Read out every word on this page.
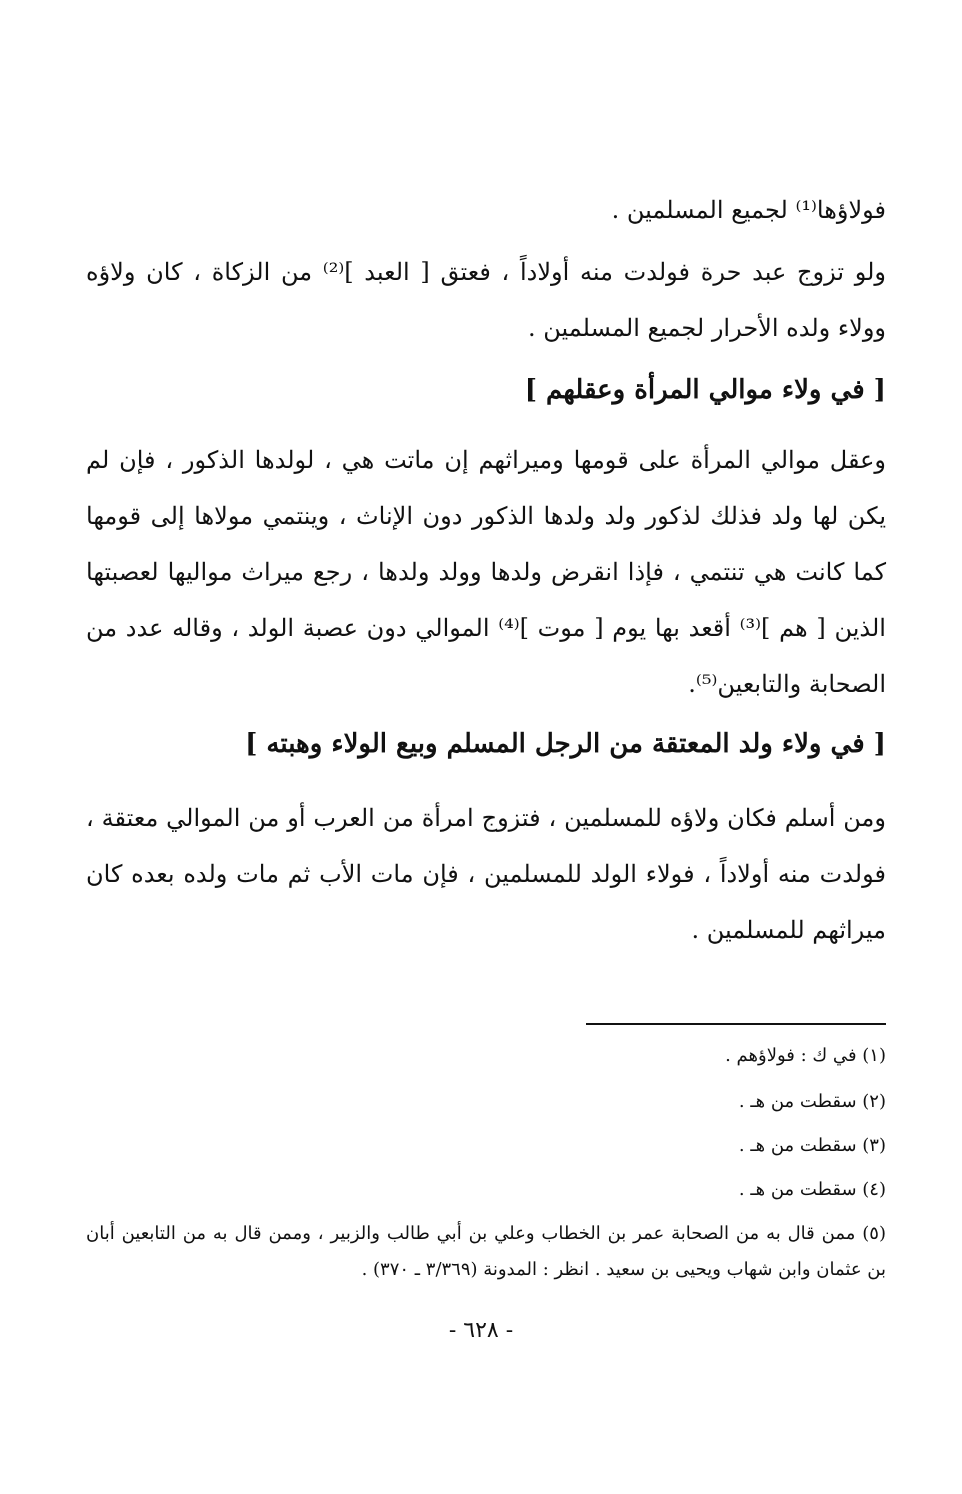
فولاؤها⁽¹⁾ لجميع المسلمين .

ولو تزوج عبد حرة فولدت منه أولاداً ، فعتق [ العبد ]⁽²⁾ من الزكاة ، كان ولاؤه وولاء ولده الأحرار لجميع المسلمين .

[ في ولاء موالي المرأة وعقلهم ]

وعقل موالي المرأة على قومها وميراثهم إن ماتت هي ، لولدها الذكور ، فإن لم يكن لها ولد فذلك لذكور ولد ولدها الذكور دون الإناث ، وينتمي مولاها إلى قومها كما كانت هي تنتمي ، فإذا انقرض ولدها وولد ولدها ، رجع ميراث مواليها لعصبتها الذين [ هم ]⁽³⁾ أقعد بها يوم [ موت ]⁽⁴⁾ الموالي دون عصبة الولد ، وقاله عدد من الصحابة والتابعين⁽⁵⁾.

[ في ولاء ولد المعتقة من الرجل المسلم وبيع الولاء وهبته ]

ومن أسلم فكان ولاؤه للمسلمين ، فتزوج امرأة من العرب أو من الموالي معتقة ، فولدت منه أولاداً ، فولاء الولد للمسلمين ، فإن مات الأب ثم مات ولده بعده كان ميراثهم للمسلمين .

(١) في ك : فولاؤهم .

(٢) سقطت من هـ .

(٣) سقطت من هـ .

(٤) سقطت من هـ .

(٥) ممن قال به من الصحابة عمر بن الخطاب وعلي بن أبي طالب والزبير ، وممن قال به من التابعين أبان بن عثمان وابن شهاب ويحيى بن سعيد . انظر : المدونة (٣/٣٦٩ ـ ٣٧٠) .

- ٦٢٨ -
